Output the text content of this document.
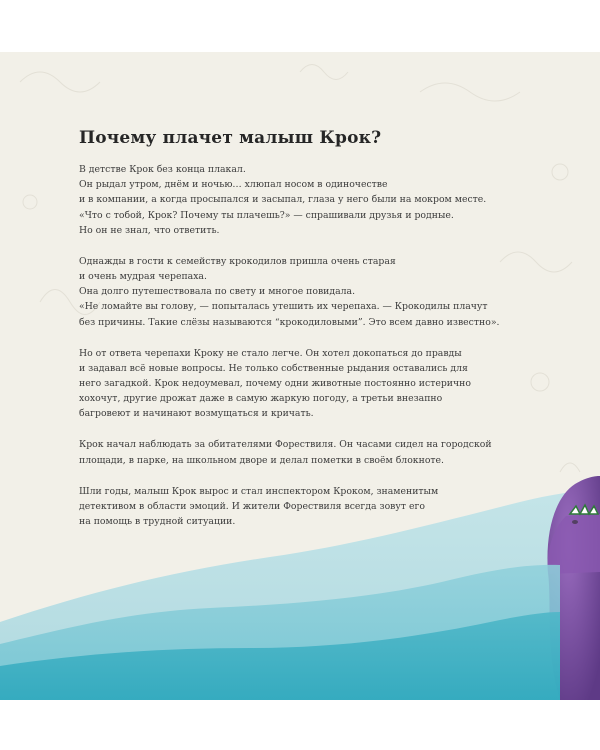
Почему плачет малыш Крок?

В детстве Крок без конца плакал.
Он рыдал утром, днём и ночью… хлюпал носом в одиночестве
и в компании, а когда просыпался и засыпал, глаза у него были на мокром месте.
«Что с тобой, Крок? Почему ты плачешь?» — спрашивали друзья и родные.
Но он не знал, что ответить.

Однажды в гости к семейству крокодилов пришла очень старая
и очень мудрая черепаха.
Она долго путешествовала по свету и многое повидала.
«Не ломайте вы голову, — попыталась утешить их черепаха. — Крокодилы плачут
без причины. Такие слёзы называются “крокодиловыми”. Это всем давно известно».

Но от ответа черепахи Кроку не стало легче. Он хотел докопаться до правды
и задавал всё новые вопросы. Не только собственные рыдания оставались для
него загадкой. Крок недоумевал, почему одни животные постоянно истерично
хохочут, другие дрожат даже в самую жаркую погоду, а третьи внезапно
багровеют и начинают возмущаться и кричать.

Крок начал наблюдать за обитателями Форествиля. Он часами сидел на городской
площади, в парке, на школьном дворе и делал пометки в своём блокноте.

Шли годы, малыш Крок вырос и стал инспектором Кроком, знаменитым
детективом в области эмоций. И жители Форествиля всегда зовут его
на помощь в трудной ситуации.
